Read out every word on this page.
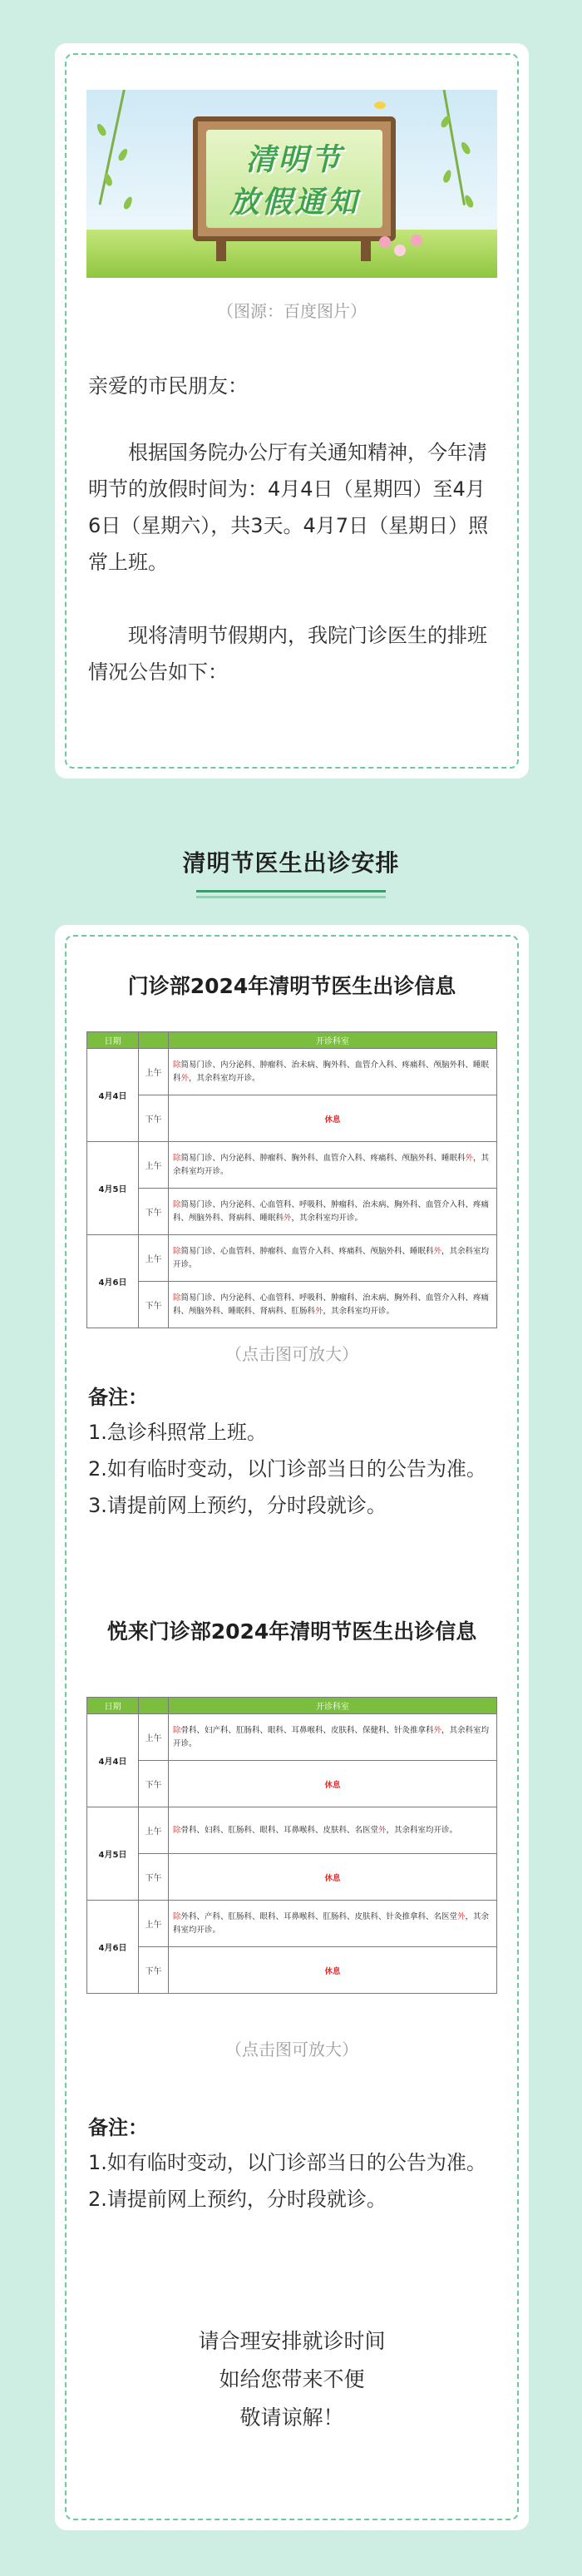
清明节
放假通知
（图源：百度图片）
亲爱的市民朋友：
根据国务院办公厅有关通知精神，今年清明节的放假时间为：4月4日（星期四）至4月6日（星期六），共3天。4月7日（星期日）照常上班。
现将清明节假期内，我院门诊医生的排班情况公告如下：
清明节医生出诊安排
门诊部2024年清明节医生出诊信息
日期		开诊科室
4月4日	上午	除简易门诊、内分泌科、肿瘤科、治未病、胸外科、血管介入科、疼痛科、颅脑外科、睡眠科外，其余科室均开诊。
	下午	休息
4月5日	上午	除简易门诊、内分泌科、肿瘤科、胸外科、血管介入科、疼痛科、颅脑外科、睡眠科外，其余科室均开诊。
	下午	除简易门诊、内分泌科、心血管科、呼吸科、肿瘤科、治未病、胸外科、血管介入科、疼痛科、颅脑外科、肾病科、睡眠科外，其余科室均开诊。
4月6日	上午	除简易门诊、心血管科、肿瘤科、血管介入科、疼痛科、颅脑外科、睡眠科外，其余科室均开诊。
	下午	除简易门诊、内分泌科、心血管科、呼吸科、肿瘤科、治未病、胸外科、血管介入科、疼痛科、颅脑外科、睡眠科、肾病科、肛肠科外，其余科室均开诊。
（点击图可放大）
备注：
1.急诊科照常上班。
2.如有临时变动，以门诊部当日的公告为准。
3.请提前网上预约，分时段就诊。
悦来门诊部2024年清明节医生出诊信息
日期		开诊科室
4月4日	上午	除骨科、妇产科、肛肠科、眼科、耳鼻喉科、皮肤科、保健科、针灸推拿科外，其余科室均开诊。
	下午	休息
4月5日	上午	除骨科、妇科、肛肠科、眼科、耳鼻喉科、皮肤科、名医堂外，其余科室均开诊。
	下午	休息
4月6日	上午	除外科、产科、肛肠科、眼科、耳鼻喉科、肛肠科、皮肤科、针灸推拿科、名医堂外，其余科室均开诊。
	下午	休息
（点击图可放大）
备注：
1.如有临时变动，以门诊部当日的公告为准。
2.请提前网上预约，分时段就诊。
请合理安排就诊时间
如给您带来不便
敬请谅解！
